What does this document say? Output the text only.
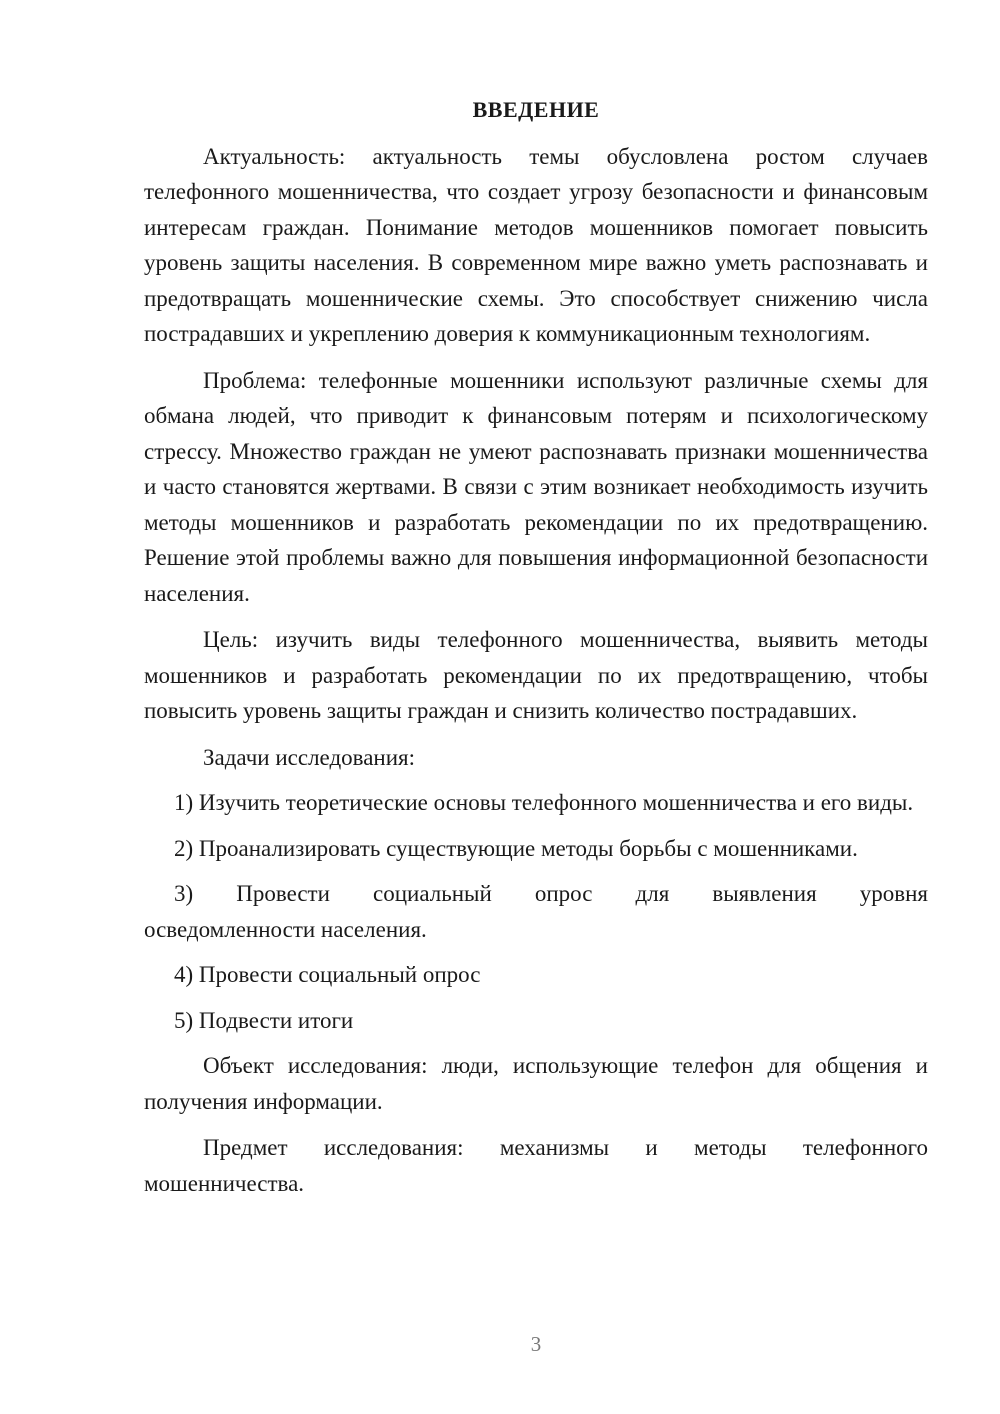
ВВЕДЕНИЕ

Актуальность: актуальность темы обусловлена ростом случаев телефонного мошенничества, что создает угрозу безопасности и финансовым интересам граждан. Понимание методов мошенников помогает повысить уровень защиты населения. В современном мире важно уметь распознавать и предотвращать мошеннические схемы. Это способствует снижению числа пострадавших и укреплению доверия к коммуникационным технологиям.

Проблема: телефонные мошенники используют различные схемы для обмана людей, что приводит к финансовым потерям и психологическому стрессу. Множество граждан не умеют распознавать признаки мошенничества и часто становятся жертвами. В связи с этим возникает необходимость изучить методы мошенников и разработать рекомендации по их предотвращению. Решение этой проблемы важно для повышения информационной безопасности населения.

Цель: изучить виды телефонного мошенничества, выявить методы мошенников и разработать рекомендации по их предотвращению, чтобы повысить уровень защиты граждан и снизить количество пострадавших.

Задачи исследования:

1) Изучить теоретические основы телефонного мошенничества и его виды.

2) Проанализировать существующие методы борьбы с мошенниками.

3) Провести социальный опрос для выявления уровня

осведомленности населения.

4) Провести социальный опрос

5) Подвести итоги

Объект исследования: люди, использующие телефон для общения и получения информации.

Предмет исследования: механизмы и методы телефонного

мошенничества.

3
